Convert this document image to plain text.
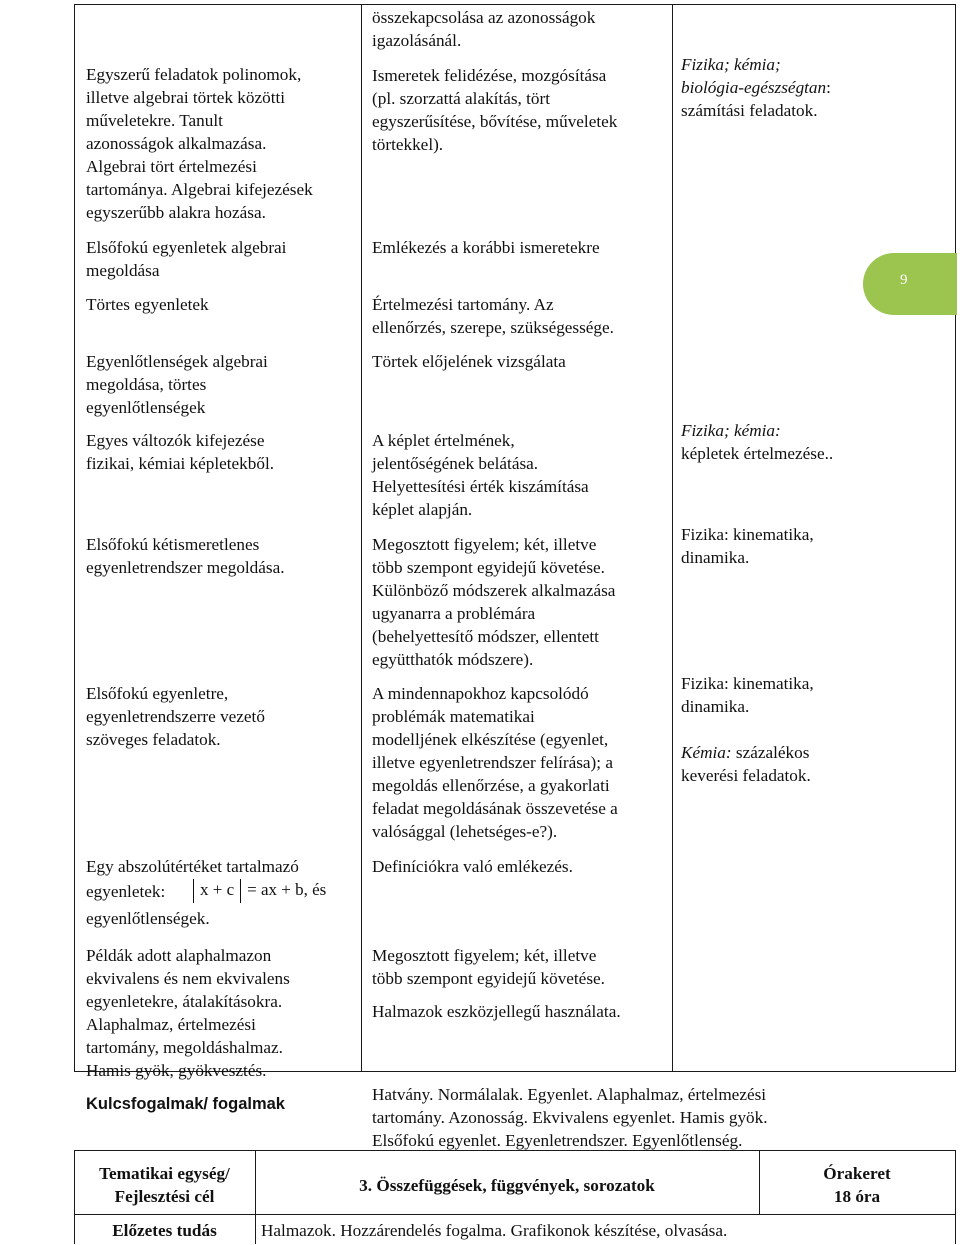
9
Egyszerű feladatok polinomok,
illetve algebrai törtek közötti
műveletekre. Tanult
azonosságok alkalmazása.
Algebrai tört értelmezési
tartománya. Algebrai kifejezések
egyszerűbb alakra hozása.
Elsőfokú egyenletek algebrai
megoldása
Törtes egyenletek
Egyenlőtlenségek algebrai
megoldása, törtes
egyenlőtlenségek
Egyes változók kifejezése
fizikai, kémiai képletekből.
Elsőfokú kétismeretlenes
egyenletrendszer megoldása.
Elsőfokú egyenletre,
egyenletrendszerre vezető
szöveges feladatok.
Egy abszolútértéket tartalmazó
egyenletek:	x + c = ax + b, és
egyenlőtlenségek.
Példák adott alaphalmazon
ekvivalens és nem ekvivalens
egyenletekre, átalakításokra.
Alaphalmaz, értelmezési
tartomány, megoldáshalmaz.
Hamis gyök, gyökvesztés.
Kulcsfogalmak/ fogalmak
összekapcsolása az azonosságok
igazolásánál.
Ismeretek felidézése, mozgósítása
(pl. szorzattá alakítás, tört
egyszerűsítése, bővítése, műveletek
törtekkel).
Emlékezés a korábbi ismeretekre
Értelmezési tartomány. Az
ellenőrzés, szerepe, szükségessége.
Törtek előjelének vizsgálata
A képlet értelmének,
jelentőségének belátása.
Helyettesítési érték kiszámítása
képlet alapján.
Megosztott figyelem; két, illetve
több szempont egyidejű követése.
Különböző módszerek alkalmazása
ugyanarra a problémára
(behelyettesítő módszer, ellentett
együtthatók módszere).
A mindennapokhoz kapcsolódó
problémák matematikai
modelljének elkészítése (egyenlet,
illetve egyenletrendszer felírása); a
megoldás ellenőrzése, a gyakorlati
feladat megoldásának összevetése a
valósággal (lehetséges-e?).
Definíciókra való emlékezés.
Megosztott figyelem; két, illetve
több szempont egyidejű követése.
Halmazok eszközjellegű használata.
Hatvány. Normálalak. Egyenlet. Alaphalmaz, értelmezési
tartomány. Azonosság. Ekvivalens egyenlet. Hamis gyök.
Elsőfokú egyenlet. Egyenletrendszer. Egyenlőtlenség.
Fizika; kémia;
biológia-egészségtan:
számítási feladatok.
Fizika; kémia:
képletek értelmezése..
Fizika: kinematika,
dinamika.
Fizika: kinematika,
dinamika.
Kémia: százalékos
keverési feladatok.
Tematikai egység/
Fejlesztési cél
3. Összefüggések, függvények, sorozatok
Órakeret
18 óra
Előzetes tudás	Halmazok. Hozzárendelés fogalma. Grafikonok készítése, olvasása.
